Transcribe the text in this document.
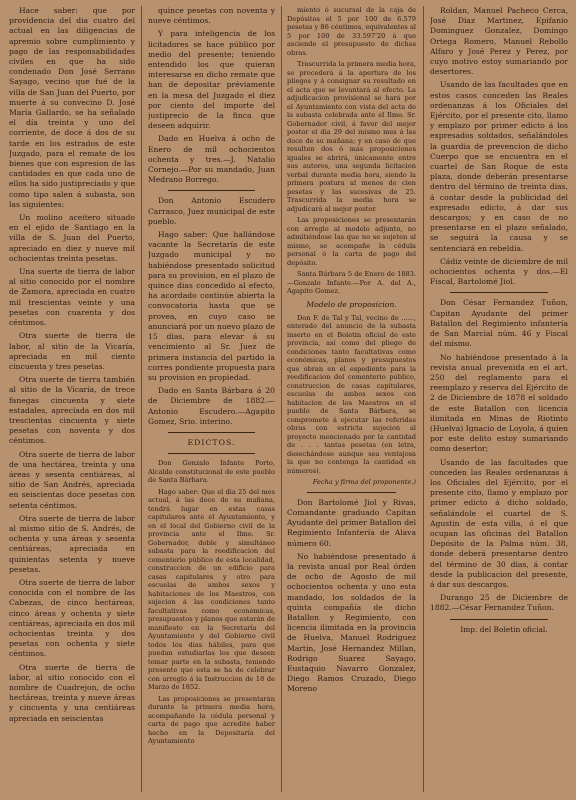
Hace saber: que por providencia del dia cuatro del actual en las diligencias de apremio sobre cumplimiento y pago de las responsabilidades civiles en que ha sido condenado Don José Serrano Sayago, vecino que fué de la villa de San Juan del Puerto, por muerte á su convecino D. José María Gallardo, se ha señalado el día treinta y uno del corriente, de doce á dos de su tarde en los estrados de este Juzgado, para el remate de los bienes que con espresion de las cantidades en que cada uno de ellos ha sido justipreciado y que como tipo salen á subasta, son las siguientes:

Un molino aceitero situado en el ejido de Santiago en la villa de S. Juan del Puerto, apreciado en diez y nueve mil ochocientas treinta pesetas.

Una suerte de tierra de labor al sitio conocido por el nombre de Zamora, apreciada en cuatro mil trescientas veinte y una pesetas con cuarenta y dos céntimos.

Otra suerte de tierra de labor, al sitio de la Vicaría, apreciada en mil ciento cincuenta y tres pesetas.

Otra suerte de tierra también al sitio de la Vicaría, de trece fanegas cincuenta y siete estadales, apreciada en dos mil trescientas cincuenta y siete pesetas con noventa y dos céntimos.

Otra suerte de tierra de labor de una hectárea, treinta y una áreas y sesenta centiáreas, al sitio de San Andrés, apreciada en seiscientas doce pesetas con setenta céntimos.

Otra suerte de tierra de labor al mismo sitio de S. Andrés, de ochenta y una áreas y sesenta centiáreas, apreciada en quinientas setenta y nueve pesetas.

Otra suerte de tierra de labor conocida con el nombre de las Cabezas, de cinco hectáreas, cinco áreas y ochenta y siete centiáreas, apreciada en dos mil ochocientas treinta y dos pesetas con ochenta y siete céntimos.

Otra suerte de tierra de labor, al sitio conocido con el nombre de Cuadrejon, de ocho hectáreas, treinta y nueve áreas y cincuenta y una centiáreas apreciada en seiscientas

quince pesetas con noventa y nueve céntimos.

Y para inteligencia de los licitadores se hace público por medio del presente; teniendo entendido los que quieran interesarse en dicho remate que han de depositar préviamente en la mesa del Juzgado el diez por ciento del importe del justiprecio de la finca que deseen adquirir.

Dado en Huelva á ocho de Enero de mil ochocientos ochenta y tres.—J. Natalio Cornejo.—Por su mandado, Juan Medrano Borrego.

Don Antonio Escudero Carrasco, Juez municipal de este pueblo.

Hago saber: Que hallándose vacante la Secretaría de este Juzgado municipal y no habiéndose presentado solicitud para su provision, en el plazo de quince dias concedido al efecto, ha acordado continúe abierta la convocatoria hasta que se provea, en cuyo caso se anunciará por un nuevo plazo de 15 dias, para elevar á su vencimiento al Sr. Juez de primera instancia del partido la corres pondiente propuesta para su provision en propiedad.

Dado en Santa Bárbara á 20 de Diciembre de 1882.— Antonio Escudero.—Agapito Gomez, Srio. interino.

EDICTOS.

Don Gonzalo Infante Porto, Alcalde constitucional de este pueblo de Santa Bárbara.

Hago saber: Que el dia 25 del mes actual, á las doce de su mañana, tendrá lugar en estas casas capitulares ante el Ayuntamiento, y en el local del Gobierno civil de la provincia ante el Ilmo. Sr. Gobernador, doble y simultáneo subasta para la reedificacion del cementerio público de esta localidad, construccion de un edificio para casas capitulares y otro para escuelas de ambos sexos y habitaciones de los Maestros, con sujecion á las condiciones tanto facultativas como económicas, presupuestos y planos que estarán de manifiesto en la Secretaría del Ayuntamiento y del Gobierno civil todos los dias hábiles, para que puedan estudiarlas los que deseen tomar parte en la subasta, teniendo presente que esta se ha de celebrar con arreglo á la Instruccion de 18 de Marzo de 1852.

Las proposiciones se presentarán durante la primera media hora, acompañando la cédula personal y carta de pago que acredite haber hecho en la Depositaría del Ayuntamiento

miento ó sucursal de la caja de Depósitos el 5 por 100 de 6.579 pesetas y 86 céntimos, equivalentes al 5 por 100 de 33.597'20 á que asciende el presupuesto de dichas obras.

Trascurrida la primera media hora, se procederá á la apertura de los pliegos y á consignar su resultado en el acta que se levantará al efecto. La adjudicacion provisional se hará por el Ayuntamiento con vista del acta de la subasta celebrada ante el Ilmo. Sr. Gobernador civil, á favor del mejor postor el dia 29 del mismo mes á las doce de su mañana; y en caso de que resulten dos ó más proposiciones iguales se abrirá, únicamente entre sus autores, una segunda licitacion verbal durante media hora, siendo la primera postura al menos de cien pesetas y las sucesivas de 25. Trascurrida la media hora se adjudicará al mejor postor.

Las proposiciones se presentarán con arreglo al modelo adjunto, no admitiéndose las que no se sujeten al mismo, se acompañe la cédula personal ó la carta de pago del depósito.

Santa Bárbara 5 de Enero de 1883.—Gonzalo Infante.—Por A. del A., Agapito Gomez.

Modelo de proposicion.

Don F. de Tal y Tal, vecino de ......, enterado del anuncio de la subasta inserto en el Boletin oficial de este provincia, así como del pliego de condiciones tanto facultativas como económicas, planos y presupuestos que obran en el espediente para la reedificacion del cementerio público, construccion de casas capitulares, escuelas de ambos sexos con habitacion de los Maestros en el pueblo de Santa Bárbara, se compromete á ejecutar las referidas obras con estricta sujecion al proyecto mencionado por la cantidad de . . . tantas pesetas (en letra, desechándose aunque sea ventajosa la que no contenga la cantidad en números).

Fecha y firma del proponente.)

Don Bartolomé Jiol y Rivas, Comandante graduado Capitan Ayudante del primer Batallon del Regimiento Infantería de Alava número 60.

No habiéndose presentado á la revista anual por Real órden de ocho de Agosto de mil ochocientos ochenta y uno esta mandado, los soldados de la quinta compañía de dicho Batallon y Regimiento, con licencia ilimitada en la provincia de Huelva, Manuel Rodriguez Martin, José Hernandez Millan, Rodrigo Suarez Sayago, Eustaquio Navarro Gonzalez, Diego Ramos Cruzado, Diego Moreno

Roldan, Manuel Pacheco Cerca, José Diaz Martinez, Epifanio Dominguez Gonzalez, Domingo Ortega Romero, Manuel Rebollo Alfaro y José Perez y Perez, por cuyo motivo estoy sumariando por desertores.

Usando de las facultades que en estos casos conceden las Reales ordenanzas á los Oficiales del Ejército, por el presente cito, llamo y emplazo por primer edicto á los expresados soldados, señalándoles la guardia de prevencion de dicho Cuerpo que se encuentra en el cuartel de San Roque de esta plaza, donde deberán presentarse dentro del término de treinta dias, á contar desde la publicidad del expresado edicto, á dar sus descargos; y en caso de no presentarse en el plazo señalado, se seguirá la causa y se sentenciará en rebeldía.

Cádiz veinte de diciembre de mil ochocientos ochenta y dos.—El Fiscal, Bartolomé Jiol.

Don César Fernandez Tuñon, Capitan Ayudante del primer Batallon del Regimiento infantería de San Marcial núm. 46 y Fiscal del mismo.

No habiéndose presentado á la revista anual prevenida en el art. 250 del reglamento para el reemplazo y reserva del Ejército de 2 de Diciembre de 1878 el soldado de este Batallon con licencia ilimitada en Minas de Riotinto (Huelva) Ignacio de Loyola, á quien por este delito estoy sumariando como desertor;

Usando de las facultades que conceden las Reales ordenanzas á los Oficiales del Ejército, por el presente cito, llamo y emplazo por primer edicto á dicho soldado, señalándole el cuartel de S. Agustin de esta villa, ó el que ocupan las oficinas del Batallon Depósito de la Palma núm. 38, donde deberá presentarse dentro del término de 30 dias, á contar desde la publicacion del presente, á dar sus descargos.

Durango 25 de Diciembre de 1882.—César Fernandez Tuñon.

Imp. del Boletin oficial.
